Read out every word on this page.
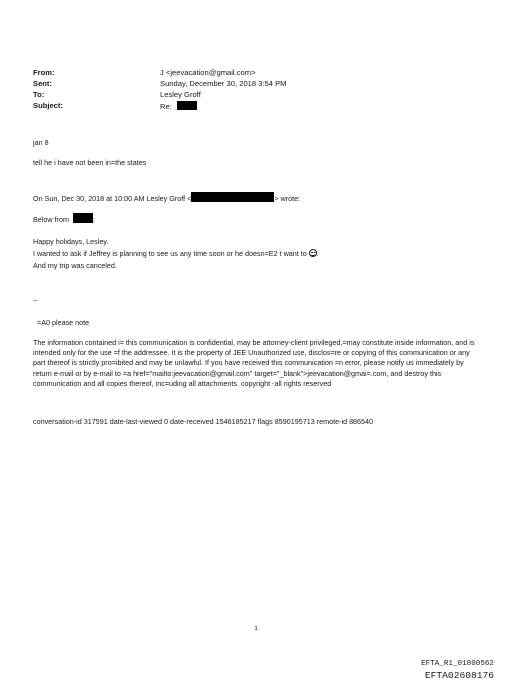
From:	J <jeevacation@gmail.com>
Sent:	Sunday, December 30, 2018 3:54 PM
To:	Lesley Groff
Subject:	Re:
jan 8
tell he i have not been in=the states
On Sun, Dec 30, 2018 at 10:00 AM Lesley Groff <	> wrote:
Below from	:
Happy holidays, Lesley.
I wanted to ask if Jeffrey is planning to see us any time soon or he doesn=E2 t want to .
And my trip was canceled.
--
=A0 please note
The information contained i= this communication is confidential, may be attorney-client privileged,=may constitute inside information, and is intended only for the use =f the addressee. It is the property of JEE Unauthorized use, disclos=re or copying of this communication or any part thereof is strictly pro=ibited and may be unlawful. If you have received this communication =n error, please notify us immediately by return e-mail or by e-mail to =a href="mailto:jeevacation@gmail.com" target="_blank">jeevacation@gmai=.com, and destroy this communication and all copies thereof, inc=uding all attachments. copyright -all rights reserved
conversation-id 317591 date-last-viewed 0 date-received 1546185217 flags 8590195713 remote-id 886540
1
EFTA_R1_01800562
EFTA02608176
